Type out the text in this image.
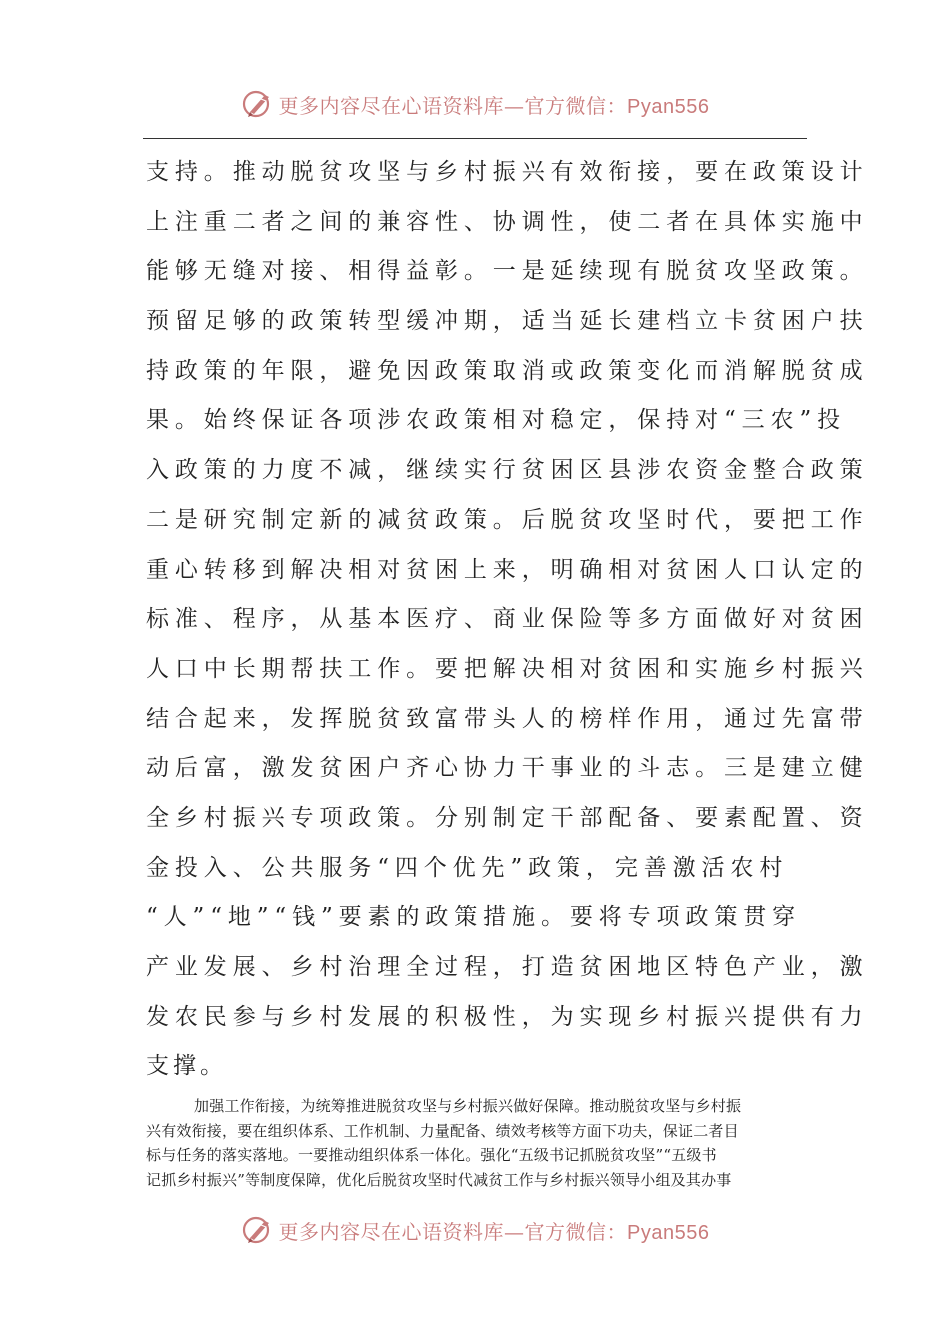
更多内容尽在心语资料库—官方微信：Pyan556
支持。推动脱贫攻坚与乡村振兴有效衔接，要在政策设计
上注重二者之间的兼容性、协调性，使二者在具体实施中
能够无缝对接、相得益彰。一是延续现有脱贫攻坚政策。
预留足够的政策转型缓冲期，适当延长建档立卡贫困户扶
持政策的年限，避免因政策取消或政策变化而消解脱贫成
果。始终保证各项涉农政策相对稳定，保持对“三农”投
入政策的力度不减，继续实行贫困区县涉农资金整合政策
二是研究制定新的减贫政策。后脱贫攻坚时代，要把工作
重心转移到解决相对贫困上来，明确相对贫困人口认定的
标准、程序，从基本医疗、商业保险等多方面做好对贫困
人口中长期帮扶工作。要把解决相对贫困和实施乡村振兴
结合起来，发挥脱贫致富带头人的榜样作用，通过先富带
动后富，激发贫困户齐心协力干事业的斗志。三是建立健
全乡村振兴专项政策。分别制定干部配备、要素配置、资
金投入、公共服务“四个优先”政策，完善激活农村
“人”“地”“钱”要素的政策措施。要将专项政策贯穿
产业发展、乡村治理全过程，打造贫困地区特色产业，激
发农民参与乡村发展的积极性，为实现乡村振兴提供有力
支撑。
加强工作衔接，为统筹推进脱贫攻坚与乡村振兴做好保障。推动脱贫攻坚与乡村振
兴有效衔接，要在组织体系、工作机制、力量配备、绩效考核等方面下功夫，保证二者目
标与任务的落实落地。一要推动组织体系一体化。强化“五级书记抓脱贫攻坚”“五级书
记抓乡村振兴”等制度保障，优化后脱贫攻坚时代减贫工作与乡村振兴领导小组及其办事
更多内容尽在心语资料库—官方微信：Pyan556
